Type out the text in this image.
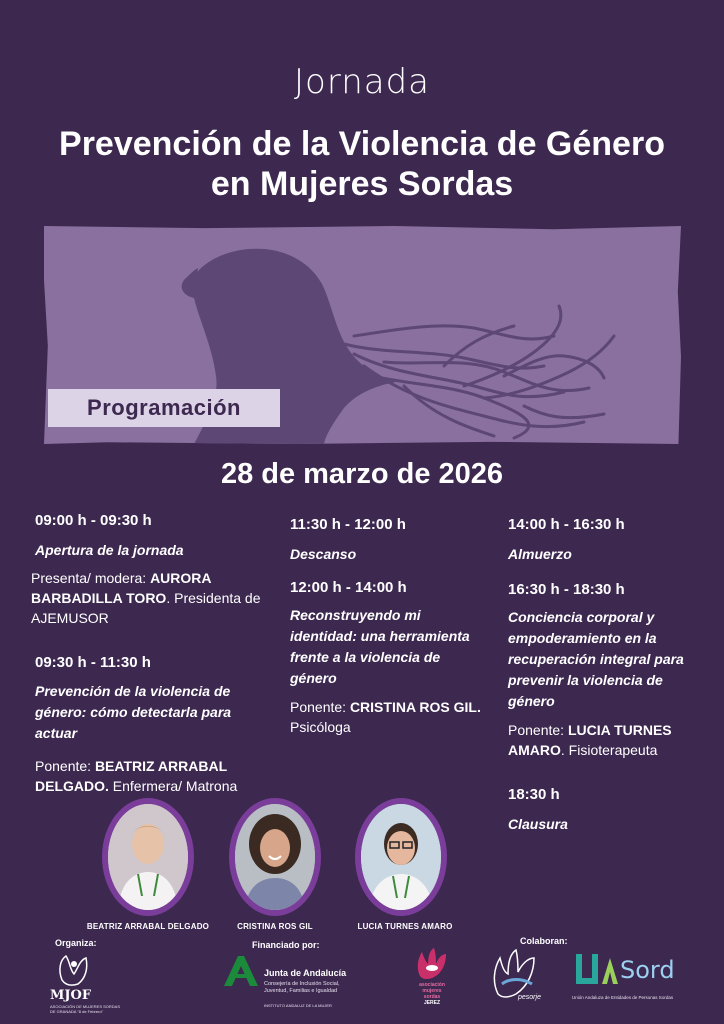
Jornada
Prevención de la Violencia de Género
en Mujeres Sordas
Programación
28 de marzo de 2026
09:00 h - 09:30 h
Apertura de la jornada
Presenta/ modera: AURORA
BARBADILLA TORO. Presidenta de
AJEMUSOR
09:30 h - 11:30 h
Prevención de la violencia de
género: cómo detectarla para
actuar
Ponente: BEATRIZ ARRABAL
DELGADO. Enfermera/ Matrona
11:30 h - 12:00 h
Descanso
12:00 h - 14:00 h
Reconstruyendo mi
identidad: una herramienta
frente a la violencia de
género
Ponente: CRISTINA ROS GIL.
Psicóloga
14:00 h - 16:30 h
Almuerzo
16:30 h - 18:30 h
Conciencia corporal y
empoderamiento en la
recuperación integral para
prevenir la violencia de
género
Ponente: LUCIA TURNES
AMARO. Fisioterapeuta
18:30 h
Clausura
BEATRIZ ARRABAL DELGADO	CRISTINA ROS GIL	LUCIA TURNES AMARO
Organiza:	Financiado por:	Colaboran:
MJOF
ASOCIACIÓN DE MUJERES SORDAS
DE GRANADA "8 de Febrero"
Junta de Andalucía
Consejería de Inclusión Social,
Juventud, Familias e Igualdad
INSTITUTO ANDALUZ DE LA MUJER
asociación
mujeres
sordas
JEREZ
pesorje
Sord
Unión Andaluza de Entidades de Personas Sordas
